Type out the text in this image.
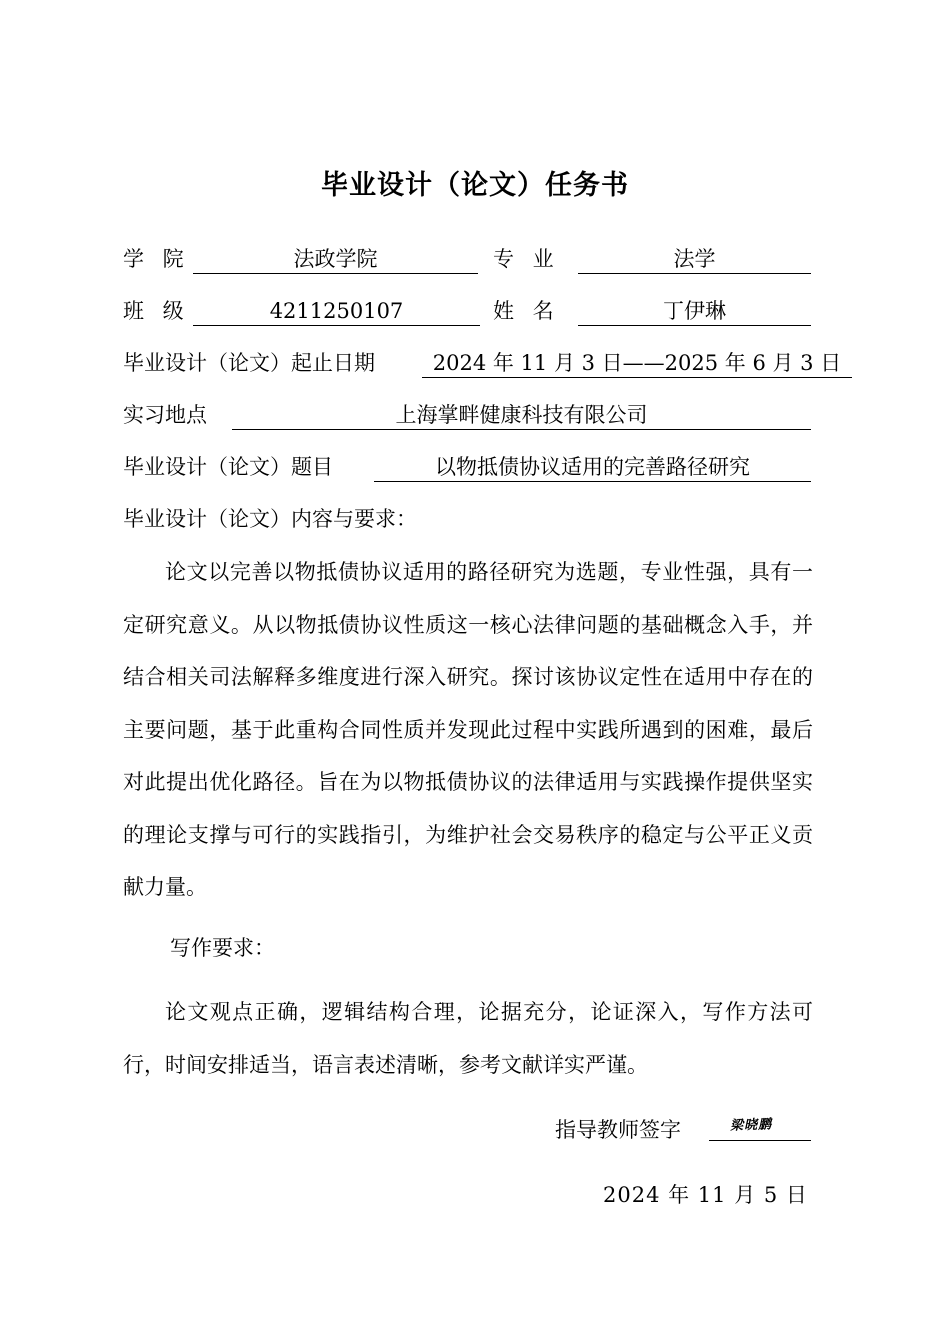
毕业设计（论文）任务书
学 院	法政学院	专 业	法学
班 级	4211250107	姓 名	丁伊琳
毕业设计（论文）起止日期	2024 年 11 月 3 日——2025 年 6 月 3 日
实习地点	上海掌畔健康科技有限公司
毕业设计（论文）题目	以物抵债协议适用的完善路径研究
毕业设计（论文）内容与要求：

论文以完善以物抵债协议适用的路径研究为选题，专业性强，具有一定研究意义。从以物抵债协议性质这一核心法律问题的基础概念入手，并结合相关司法解释多维度进行深入研究。探讨该协议定性在适用中存在的主要问题，基于此重构合同性质并发现此过程中实践所遇到的困难，最后对此提出优化路径。旨在为以物抵债协议的法律适用与实践操作提供坚实的理论支撑与可行的实践指引，为维护社会交易秩序的稳定与公平正义贡献力量。

写作要求：

论文观点正确，逻辑结构合理，论据充分，论证深入，写作方法可行，时间安排适当，语言表述清晰，参考文献详实严谨。

指导教师签字	梁晓鹏
2024 年 11 月 5 日
